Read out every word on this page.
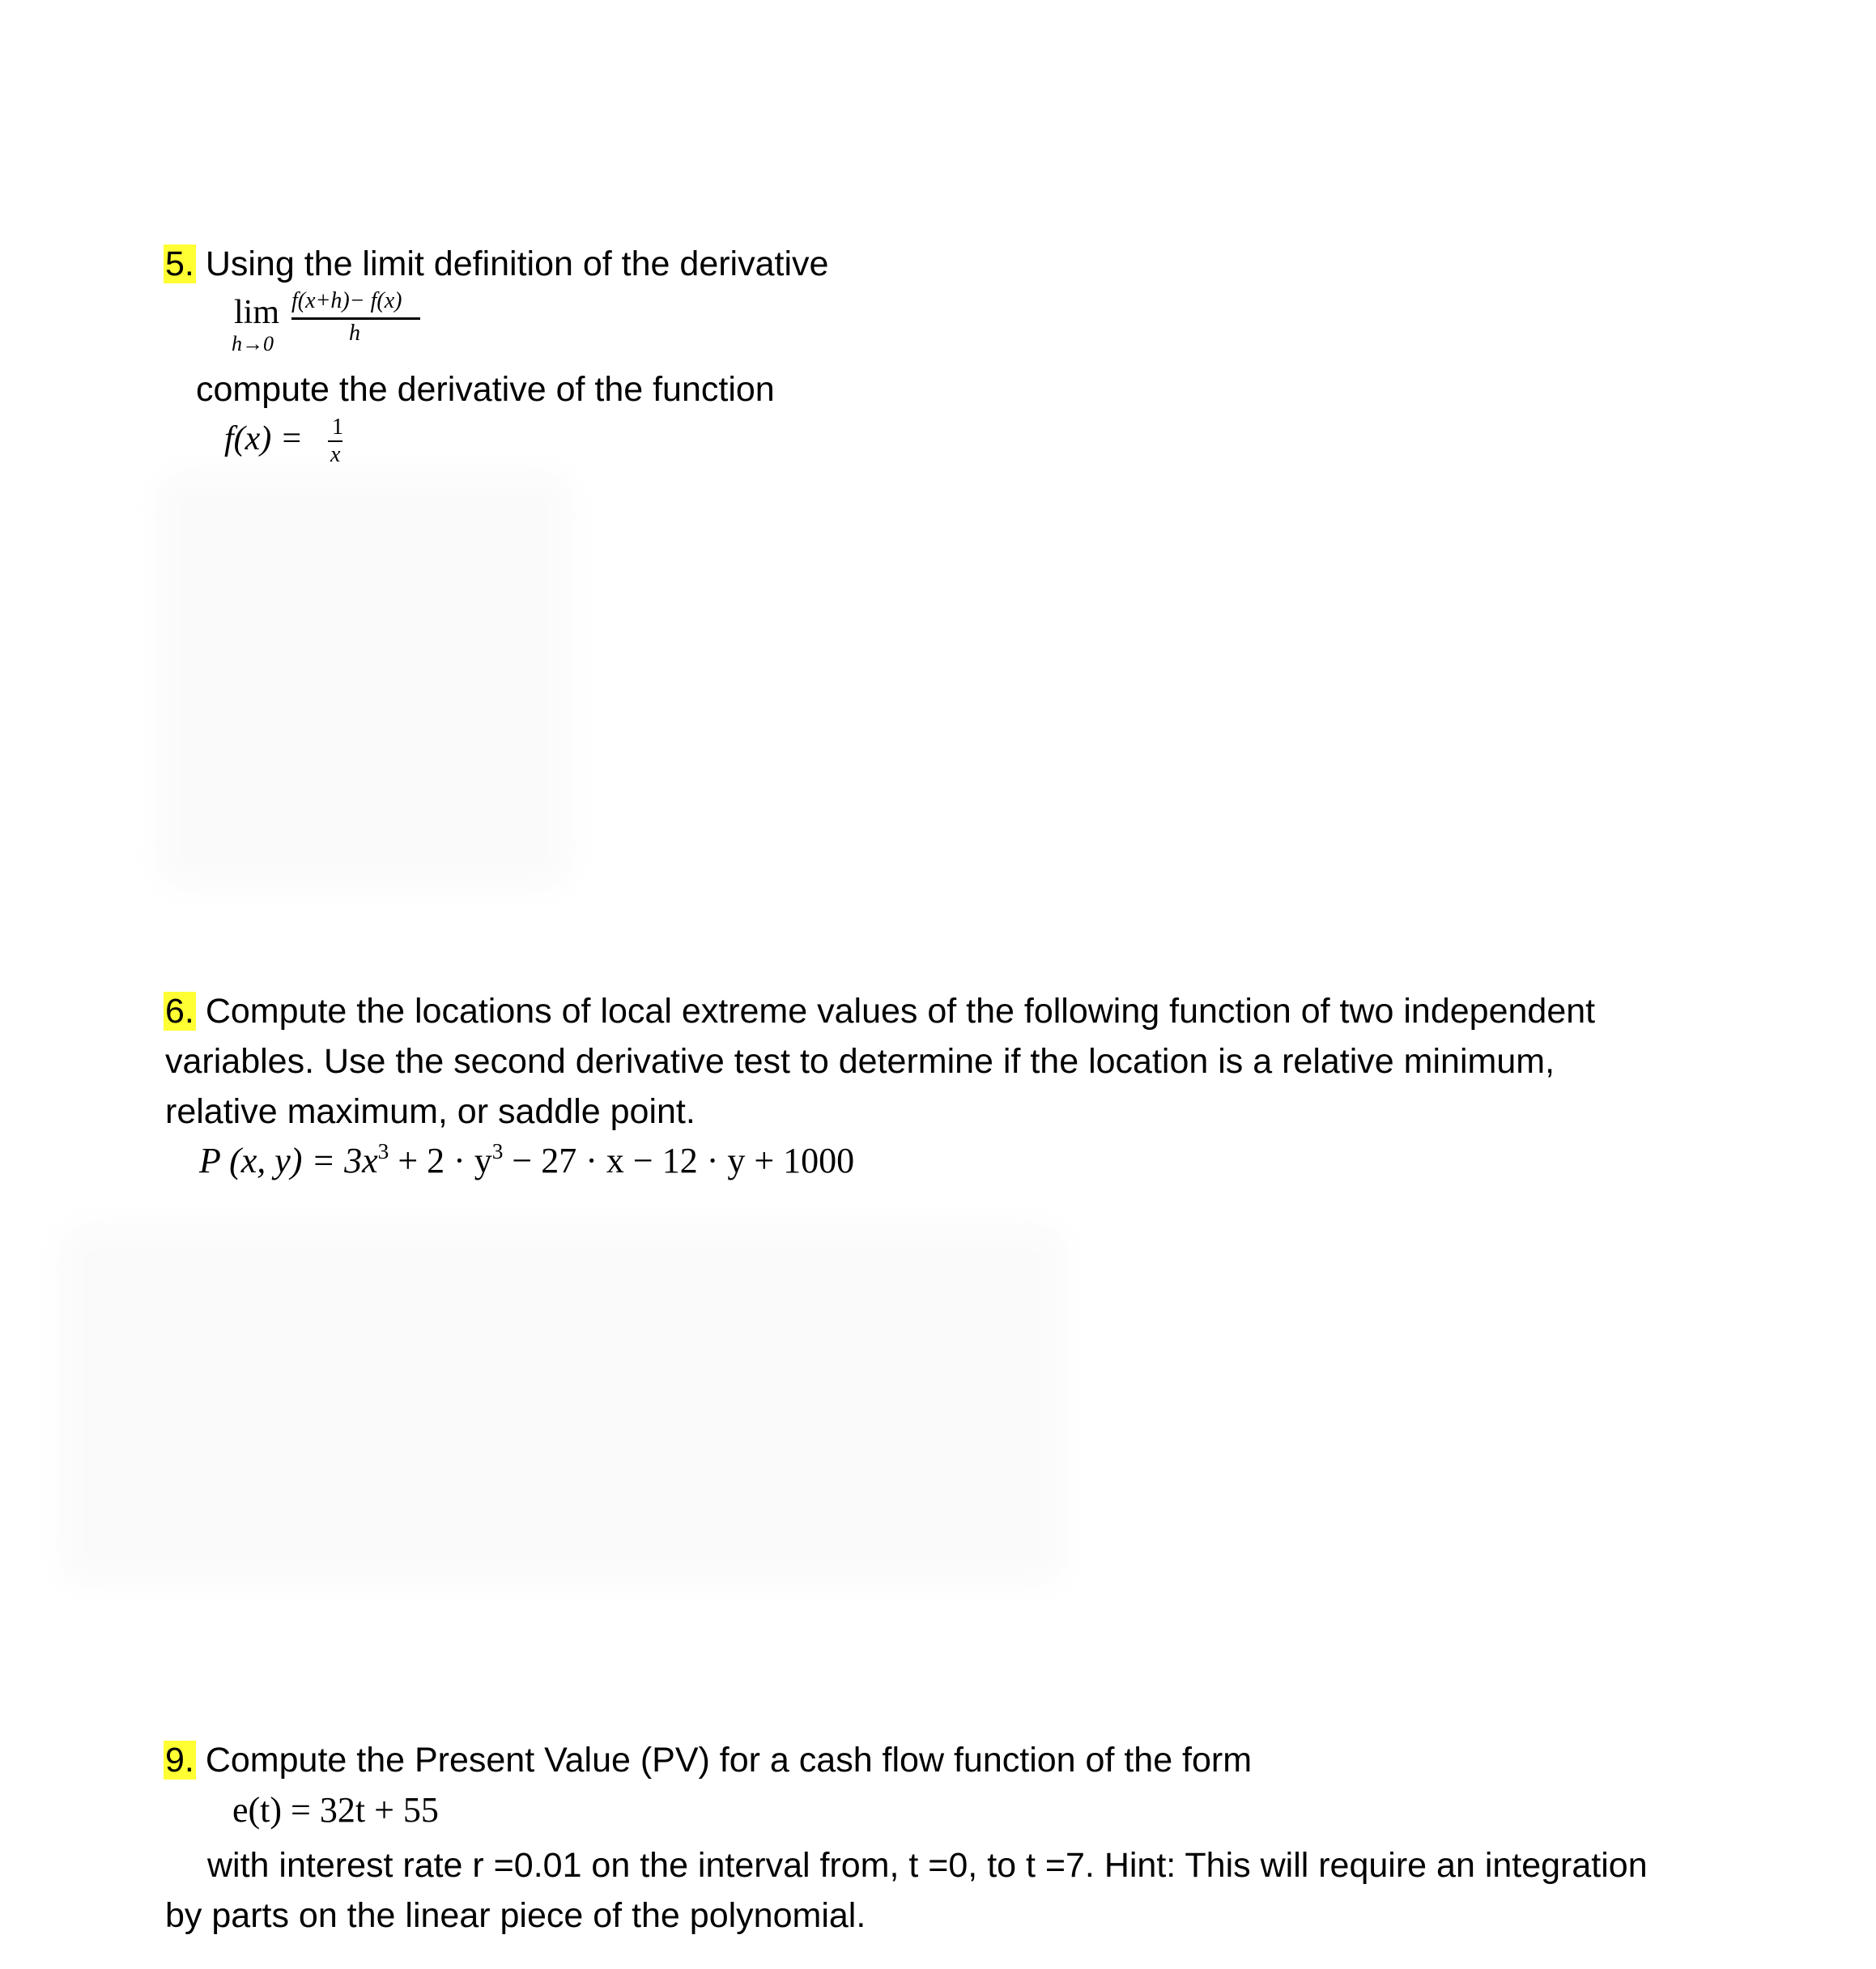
5. Using the limit definition of the derivative
lim
h→0
f(x+h)− f(x)
h
compute the derivative of the function
f(x) = 1
x
6. Compute the locations of local extreme values of the following function of two independent
variables. Use the second derivative test to determine if the location is a relative minimum,
relative maximum, or saddle point.
P (x, $y) = 3x^3 + 2 \cdot y^3 - 27 \cdot x - 12 \cdot y + 1000$
9. Compute the Present Value (PV) for a cash flow function of the form
e(t) = 32t + 55
with interest rate r =0.01 on the interval from, t =0, to t =7. Hint: This will require an integration
by parts on the linear piece of the polynomial.
